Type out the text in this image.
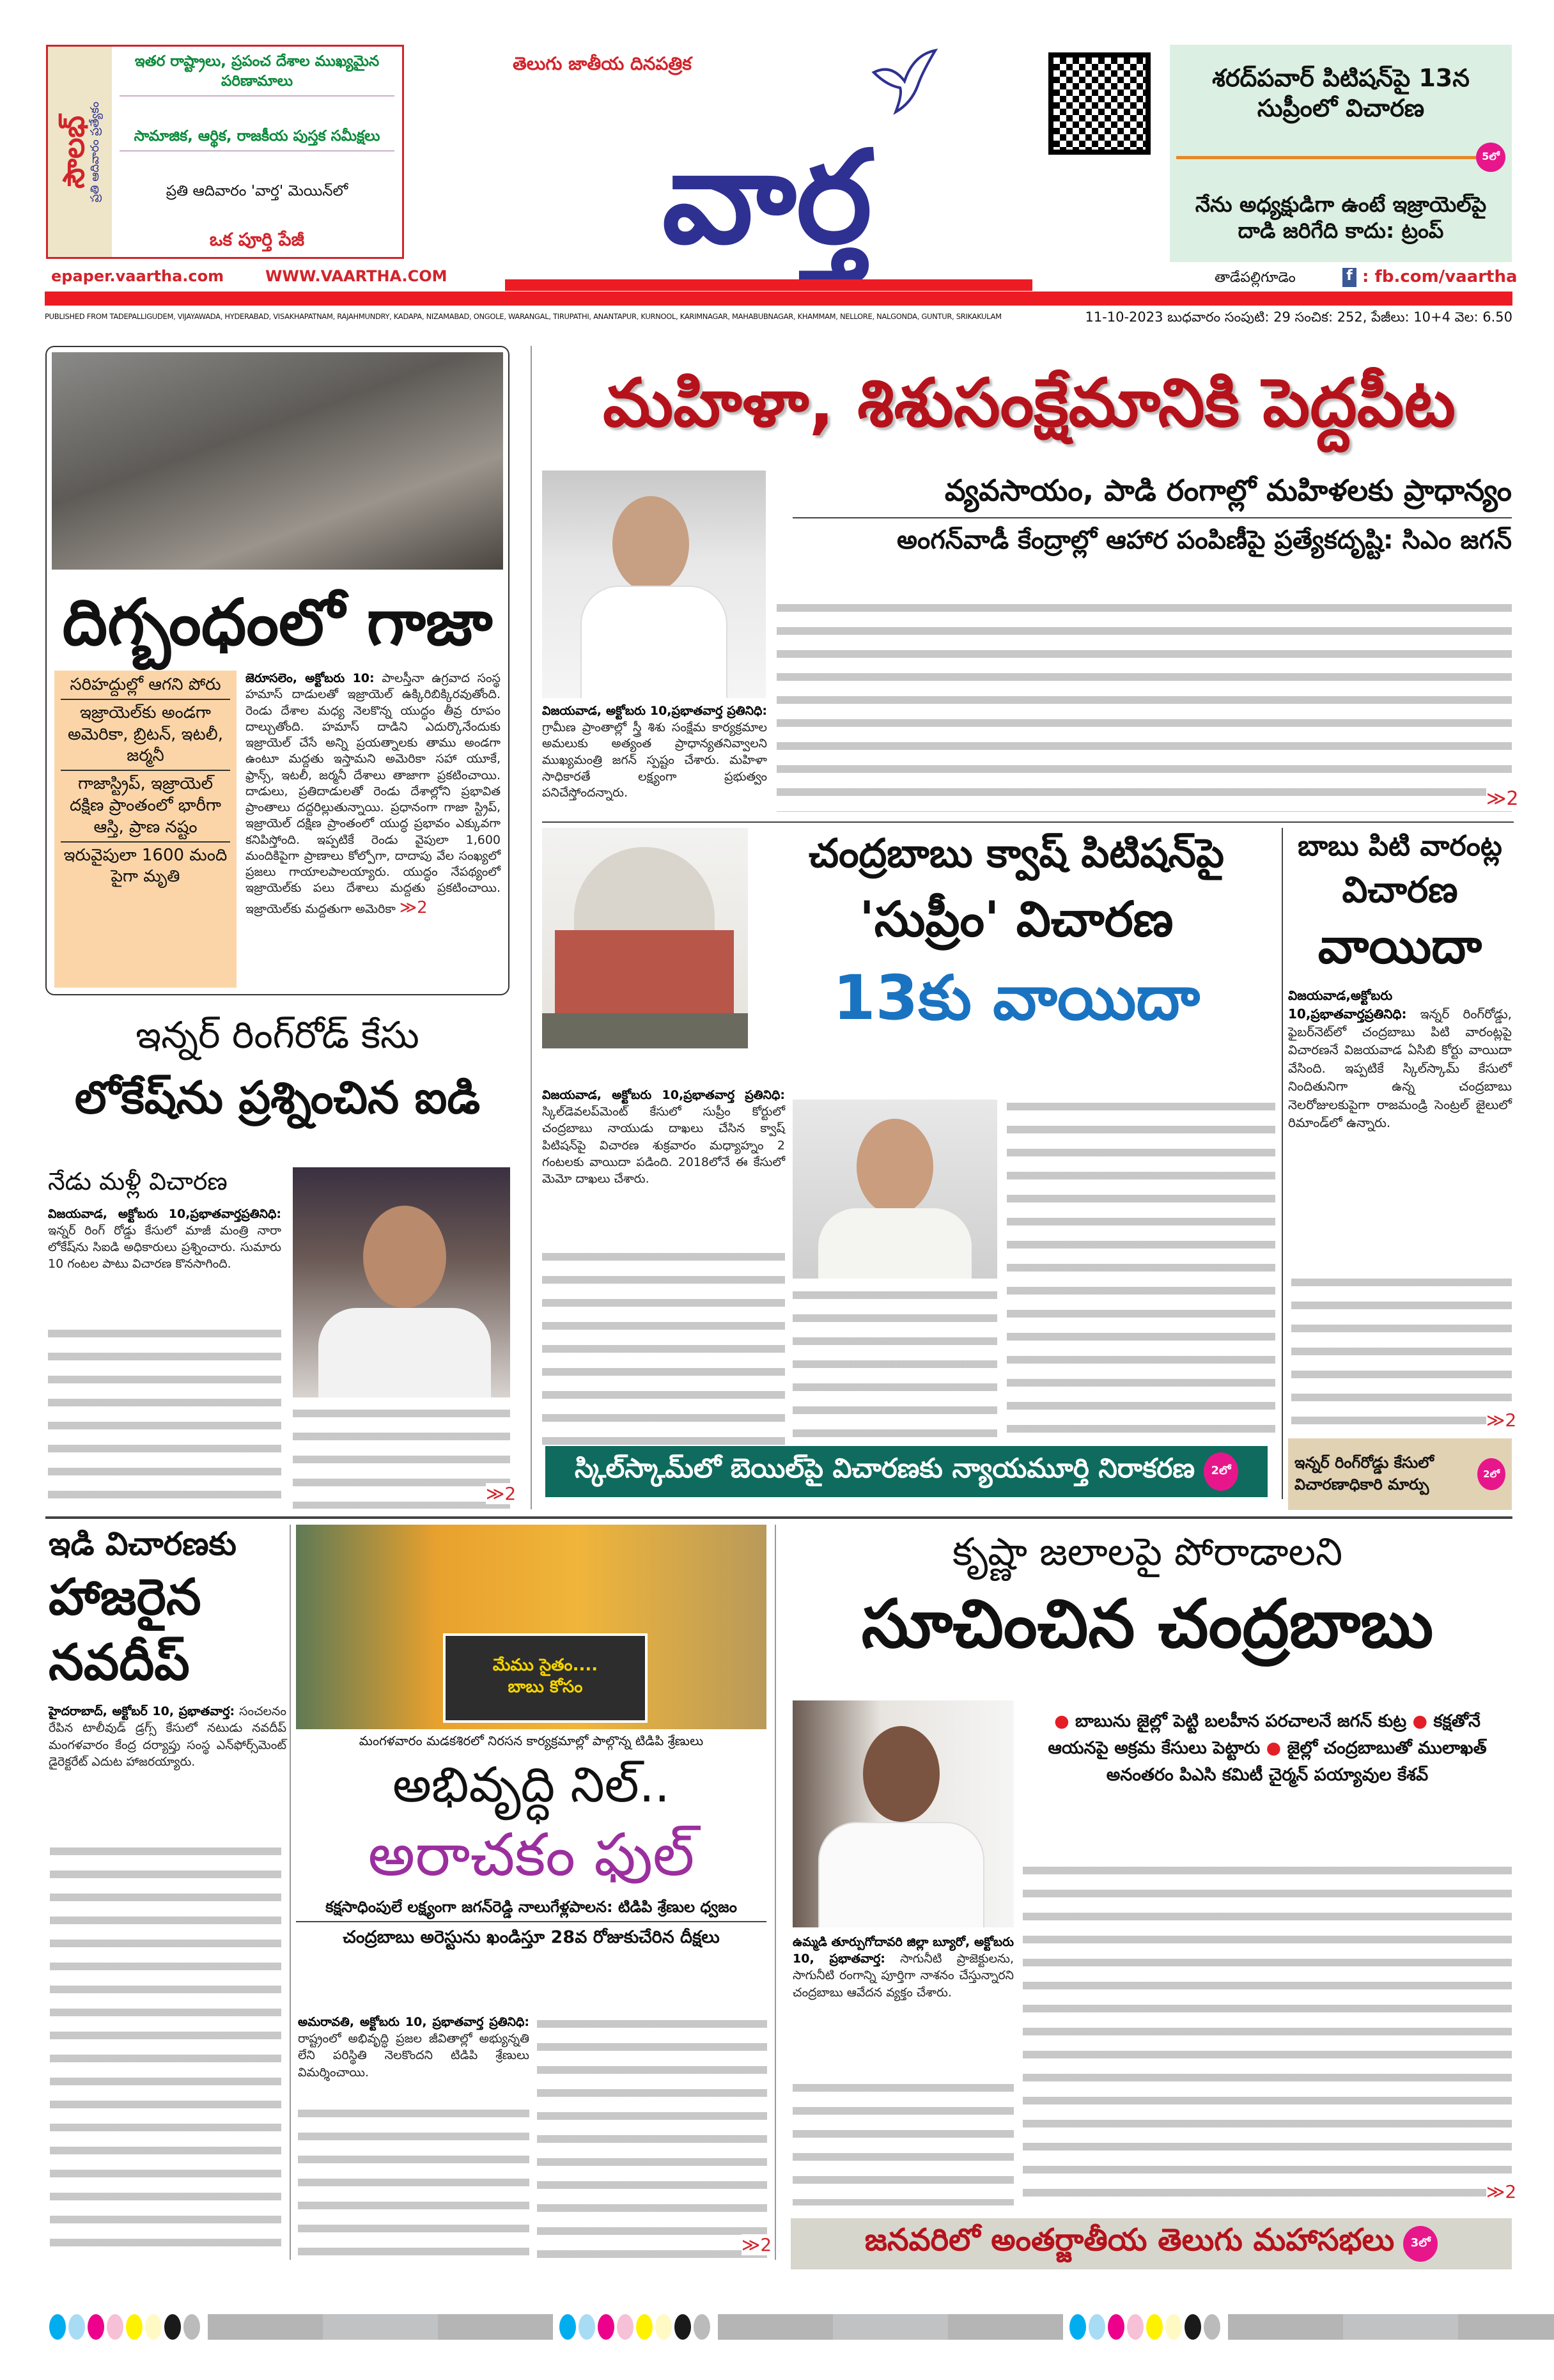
సౌలభ్
ప్రతి ఆదివారం ప్రత్యేకం
ఇతర రాష్ట్రాలు, ప్రపంచ దేశాల ముఖ్యమైన పరిణామాలు
సామాజిక, ఆర్థిక, రాజకీయ పుస్తక సమీక్షలు
ప్రతి ఆదివారం 'వార్త' మెయిన్‌లో
ఒక పూర్తి పేజీ
epaper.vaartha.com	WWW.VAARTHA.COM
తెలుగు జాతీయ దినపత్రిక
వార్త
శరద్‌పవార్ పిటిషన్‌పై 13న సుప్రీంలో విచారణ
5లో
నేను అధ్యక్షుడిగా ఉంటే ఇజ్రాయెల్‌పై దాడి జరిగేది కాదు: ట్రంప్
తాడేపల్లిగూడెం	f : fb.com/vaartha
PUBLISHED FROM TADEPALLIGUDEM, VIJAYAWADA, HYDERABAD, VISAKHAPATNAM, RAJAHMUNDRY, KADAPA, NIZAMABAD, ONGOLE, WARANGAL, TIRUPATHI, ANANTAPUR, KURNOOL, KARIMNAGAR, MAHABUBNAGAR, KHAMMAM, NELLORE, NALGONDA, GUNTUR, SRIKAKULAM	11-10-2023 బుధవారం సంపుటి: 29 సంచిక: 252, పేజీలు: 10+4 వెల: 6.50
దిగ్బంధంలో గాజా
సరిహద్దుల్లో ఆగని పోరు
ఇజ్రాయెల్‌కు అండగా అమెరికా, బ్రిటన్, ఇటలీ, జర్మనీ
గాజాస్ట్రిప్, ఇజ్రాయెల్ దక్షిణ ప్రాంతంలో భారీగా ఆస్తి, ప్రాణ నష్టం
ఇరువైపులా 1600 మంది పైగా మృతి
జెరూసలెం, అక్టోబరు 10: పాలస్తీనా ఉగ్రవాద సంస్థ హమాస్ దాడులతో ఇజ్రాయెల్ ఉక్కిరిబిక్కిరవుతోంది. రెండు దేశాల మధ్య నెలకొన్న యుద్ధం తీవ్ర రూపం దాల్చుతోంది. హమాస్ దాడిని ఎదుర్కొనేందుకు ఇజ్రాయెల్ చేసే అన్ని ప్రయత్నాలకు తాము అండగా ఉంటూ మద్దతు ఇస్తామని అమెరికా సహా యూకే, ఫ్రాన్స్, ఇటలీ, జర్మనీ దేశాలు తాజాగా ప్రకటించాయి. దాడులు, ప్రతిదాడులతో రెండు దేశాల్లోని ప్రభావిత ప్రాంతాలు దద్దరిల్లుతున్నాయి. ప్రధానంగా గాజా స్ట్రిప్, ఇజ్రాయెల్ దక్షిణ ప్రాంతంలో యుద్ధ ప్రభావం ఎక్కువగా కనిపిస్తోంది. ఇప్పటికే రెండు వైపులా 1,600 మందికిపైగా ప్రాణాలు కోల్పోగా, దాదాపు వేల సంఖ్యలో ప్రజలు గాయాలపాలయ్యారు. యుద్ధం నేపథ్యంలో ఇజ్రాయెల్‌కు పలు దేశాలు మద్దతు ప్రకటించాయి. ఇజ్రాయెల్‌కు మద్దతుగా అమెరికా ≫2
మహిళా, శిశుసంక్షేమానికి పెద్దపీట
వ్యవసాయం, పాడి రంగాల్లో మహిళలకు ప్రాధాన్యం
అంగన్‌వాడీ కేంద్రాల్లో ఆహార పంపిణీపై ప్రత్యేకదృష్టి: సిఎం జగన్
విజయవాడ, అక్టోబరు 10,ప్రభాతవార్త ప్రతినిధి: గ్రామీణ ప్రాంతాల్లో స్త్రీ శిశు సంక్షేమ కార్యక్రమాల అమలుకు అత్యంత ప్రాధాన్యతనివ్వాలని ముఖ్యమంత్రి జగన్ స్పష్టం చేశారు. మహిళా సాధికారతే లక్ష్యంగా ప్రభుత్వం పనిచేస్తోందన్నారు.	≫2
చంద్రబాబు క్వాష్ పిటిషన్‌పై
'సుప్రీం' విచారణ
13కు వాయిదా
విజయవాడ, అక్టోబరు 10,ప్రభాతవార్త ప్రతినిధి: స్కిల్‌డెవలప్‌మెంట్ కేసులో సుప్రీం కోర్టులో చంద్రబాబు నాయుడు దాఖలు చేసిన క్వాష్ పిటిషన్‌పై విచారణ శుక్రవారం మధ్యాహ్నం 2 గంటలకు వాయిదా పడింది. 2018లోనే ఈ కేసులో మెమో దాఖలు చేశారు.
స్కిల్‌స్కామ్‌లో బెయిల్‌పై విచారణకు న్యాయమూర్తి నిరాకరణ	2లో
బాబు పిటి వారంట్ల
విచారణ
వాయిదా
విజయవాడ,అక్టోబరు 10,ప్రభాతవార్తప్రతినిధి: ఇన్నర్ రింగ్‌రోడ్డు, ఫైబర్‌నెట్‌లో చంద్రబాబు పిటి వారంట్లపై విచారణనే విజయవాడ ఏసిబి కోర్టు వాయిదా వేసింది. ఇప్పటికే స్కిల్‌స్కామ్ కేసులో నిందితునిగా ఉన్న చంద్రబాబు నెలరోజులకుపైగా రాజమండ్రి సెంట్రల్ జైలులో రిమాండ్‌లో ఉన్నారు.
≫2
ఇన్నర్ రింగ్‌రోడ్డు కేసులో విచారణాధికారి మార్పు
2లో
ఇన్నర్ రింగ్‌రోడ్ కేసు
లోకేష్‌ను ప్రశ్నించిన ఐడి
నేడు మళ్లీ విచారణ
విజయవాడ, అక్టోబరు 10,ప్రభాతవార్తప్రతినిధి: ఇన్నర్ రింగ్ రోడ్డు కేసులో మాజీ మంత్రి నారా లోకేష్‌ను సిఐడి అధికారులు ప్రశ్నించారు. సుమారు 10 గంటల పాటు విచారణ కొనసాగింది.
≫2
ఇడి విచారణకు
హాజరైన
నవదీప్
హైదరాబాద్, అక్టోబర్ 10, ప్రభాతవార్త: సంచలనం రేపిన టాలీవుడ్ డ్రగ్స్ కేసులో నటుడు నవదీప్ మంగళవారం కేంద్ర దర్యాప్తు సంస్థ ఎన్‌ఫోర్స్‌మెంట్ డైరెక్టరేట్ ఎదుట హాజరయ్యారు.
మేము సైతం....
బాబు కోసం
మంగళవారం మడకశిరలో నిరసన కార్యక్రమాల్లో పాల్గొన్న టిడిపి శ్రేణులు
అభివృద్ధి నిల్..
అరాచకం ఫుల్
కక్షసాధింపులే లక్ష్యంగా జగన్‌రెడ్డి నాలుగేళ్లపాలన: టిడిపి శ్రేణుల ధ్వజం
చంద్రబాబు అరెస్టును ఖండిస్తూ 28వ రోజుకుచేరిన దీక్షలు
అమరావతి, అక్టోబరు 10, ప్రభాతవార్త ప్రతినిధి: రాష్ట్రంలో అభివృద్ధి ప్రజల జీవితాల్లో అభ్యున్నతి లేని పరిస్థితి నెలకొందని టిడిపి శ్రేణులు విమర్శించాయి.
≫2
కృష్ణా జలాలపై పోరాడాలని
సూచించిన చంద్రబాబు
● బాబును జైల్లో పెట్టి బలహీన పరచాలనే జగన్ కుట్ర ● కక్షతోనే ఆయనపై అక్రమ కేసులు పెట్టారు ● జైల్లో చంద్రబాబుతో ములాఖత్ అనంతరం పిఎసి కమిటీ చైర్మన్ పయ్యావుల కేశవ్
ఉమ్మడి తూర్పుగోదావరి జిల్లా బ్యూరో, అక్టోబరు 10, ప్రభాతవార్త: సాగునీటి ప్రాజెక్టులను, సాగునీటి రంగాన్ని పూర్తిగా నాశనం చేస్తున్నారని చంద్రబాబు ఆవేదన వ్యక్తం చేశారు.
≫2
జనవరిలో అంతర్జాతీయ తెలుగు మహాసభలు	3లో
